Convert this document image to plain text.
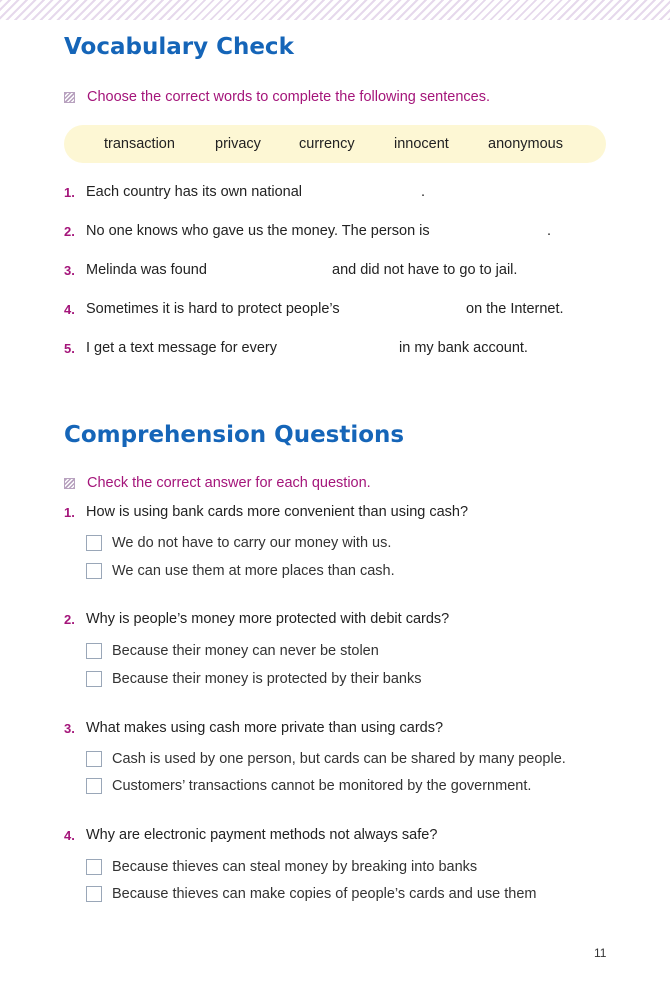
Vocabulary Check
Choose the correct words to complete the following sentences.
transaction	privacy	currency	innocent	anonymous
1. Each country has its own national	.
2. No one knows who gave us the money. The person is	.
3. Melinda was found	and did not have to go to jail.
4. Sometimes it is hard to protect people’s	on the Internet.
5. I get a text message for every	in my bank account.
Comprehension Questions
Check the correct answer for each question.
1. How is using bank cards more convenient than using cash?
We do not have to carry our money with us.
We can use them at more places than cash.
2. Why is people’s money more protected with debit cards?
Because their money can never be stolen
Because their money is protected by their banks
3. What makes using cash more private than using cards?
Cash is used by one person, but cards can be shared by many people.
Customers’ transactions cannot be monitored by the government.
4. Why are electronic payment methods not always safe?
Because thieves can steal money by breaking into banks
Because thieves can make copies of people’s cards and use them
11
